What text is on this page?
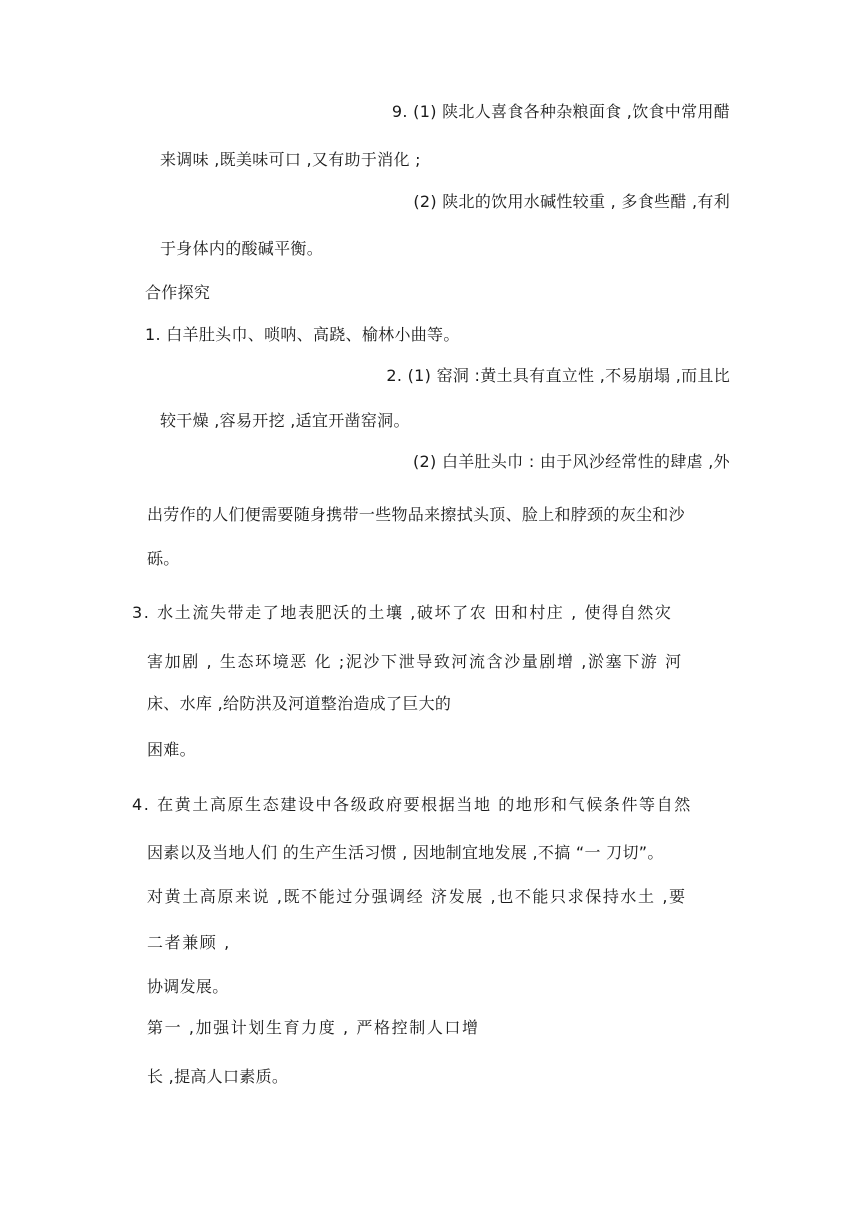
9. (1) 陕北人喜食各种杂粮面食 ,饮食中常用醋
来调味 ,既美味可口 ,又有助于消化 ;
(2) 陕北的饮用水碱性较重 , 多食些醋 ,有利
于身体内的酸碱平衡。
合作探究
1. 白羊肚头巾、唢呐、高跷、榆林小曲等。
2. (1) 窑洞 :黄土具有直立性 ,不易崩塌 ,而且比
较干燥 ,容易开挖 ,适宜开凿窑洞。
(2) 白羊肚头巾 : 由于风沙经常性的肆虐 ,外
出劳作的人们便需要随身携带一些物品来擦拭头顶、脸上和脖颈的灰尘和沙
砾。
3. 水土流失带走了地表肥沃的土壤 ,破坏了农 田和村庄 , 使得自然灾
害加剧 , 生态环境恶 化 ;泥沙下泄导致河流含沙量剧增 ,淤塞下游 河
床、水库 ,给防洪及河道整治造成了巨大的
困难。
4. 在黄土高原生态建设中各级政府要根据当地 的地形和气候条件等自然
因素以及当地人们 的生产生活习惯 , 因地制宜地发展 ,不搞 “一 刀切”。
对黄土高原来说 ,既不能过分强调经 济发展 ,也不能只求保持水土 ,要
二者兼顾 ,
协调发展。
第一 ,加强计划生育力度 , 严格控制人口增
长 ,提高人口素质。
